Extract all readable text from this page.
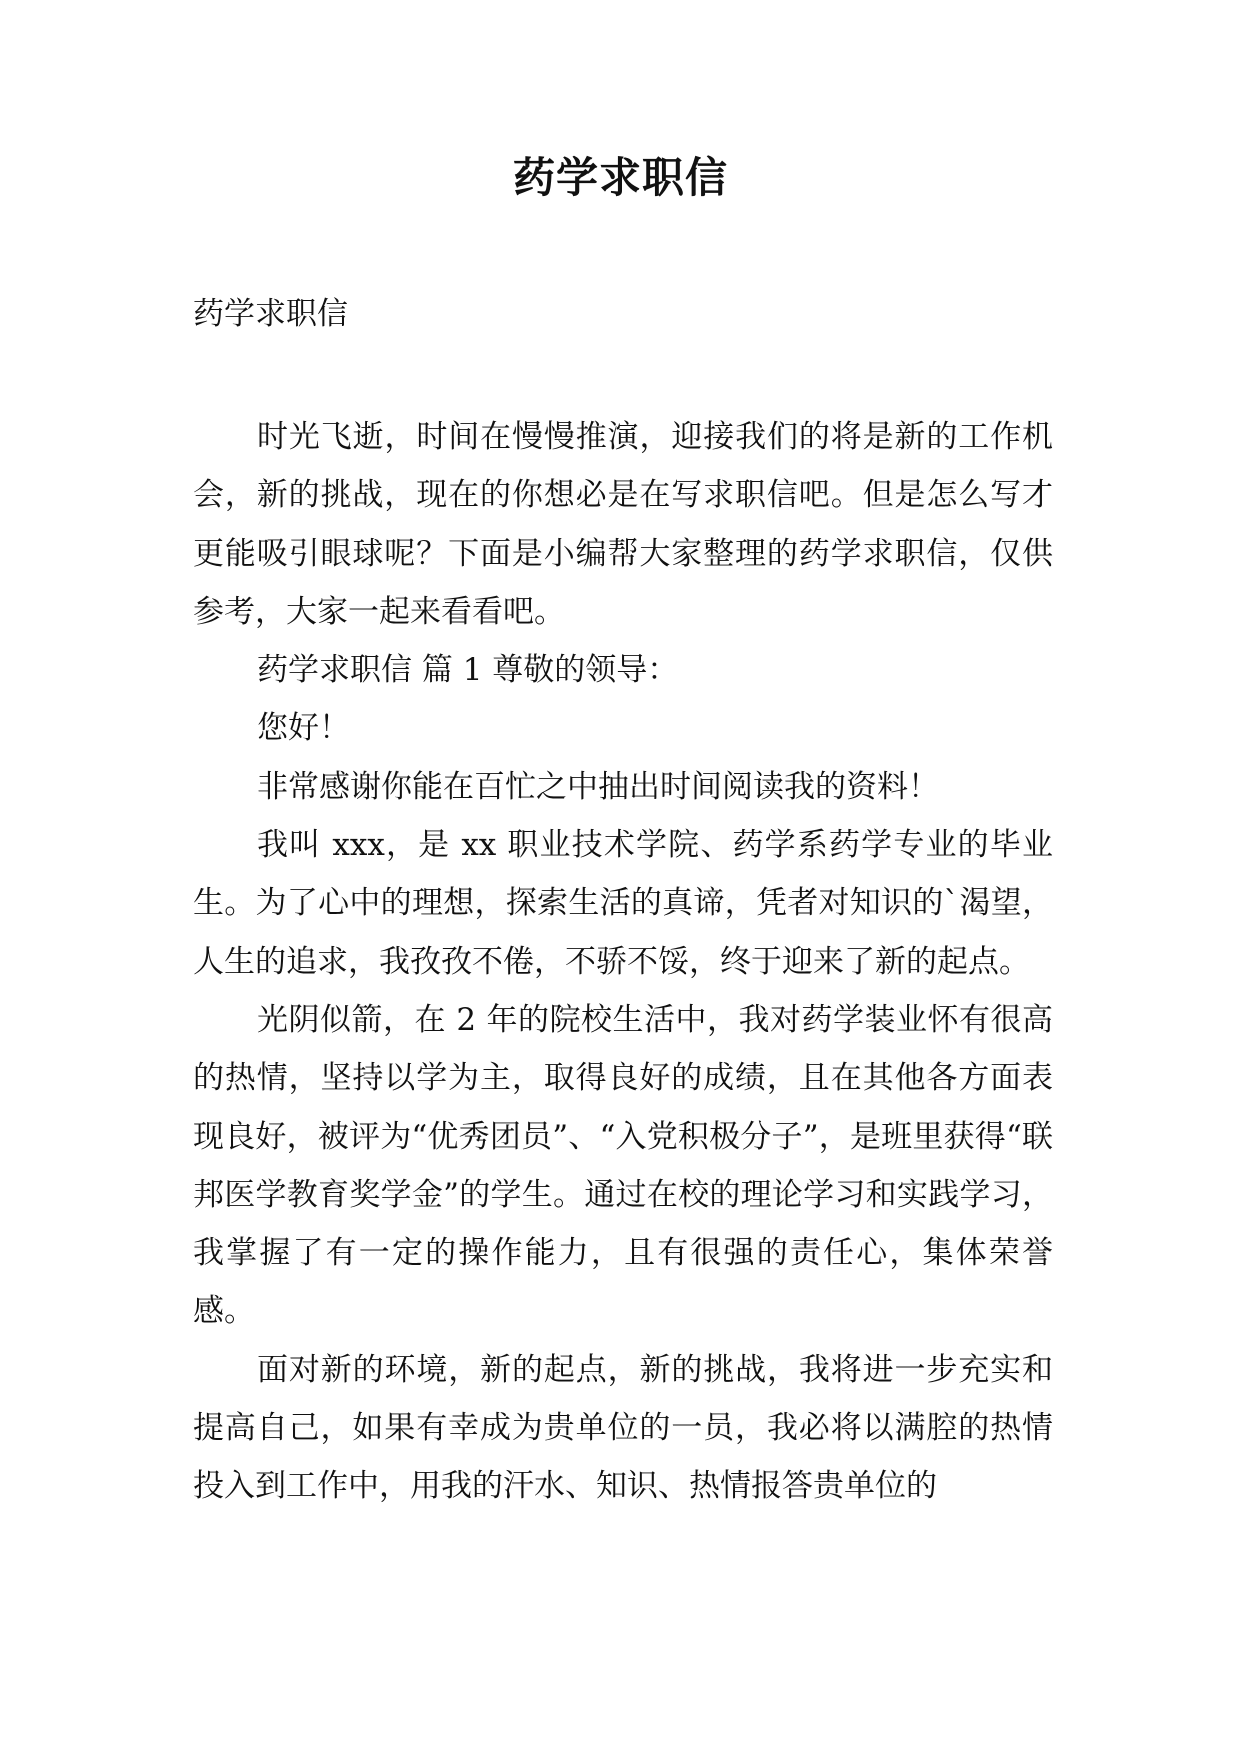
药学求职信

药学求职信

时光飞逝，时间在慢慢推演，迎接我们的将是新的工作机会，新的挑战，现在的你想必是在写求职信吧。但是怎么写才更能吸引眼球呢？下面是小编帮大家整理的药学求职信，仅供参考，大家一起来看看吧。

药学求职信 篇 1 尊敬的领导：

您好！

非常感谢你能在百忙之中抽出时间阅读我的资料！

我叫 xxx，是 xx 职业技术学院、药学系药学专业的毕业生。为了心中的理想，探索生活的真谛，凭者对知识的`渴望，人生的追求，我孜孜不倦，不骄不馁，终于迎来了新的起点。

光阴似箭，在 2 年的院校生活中，我对药学装业怀有很高的热情，坚持以学为主，取得良好的成绩，且在其他各方面表现良好，被评为“优秀团员”、“入党积极分子”，是班里获得“联邦医学教育奖学金”的学生。通过在校的理论学习和实践学习，我掌握了有一定的操作能力，且有很强的责任心，集体荣誉感。

面对新的环境，新的起点，新的挑战，我将进一步充实和提高自己，如果有幸成为贵单位的一员，我必将以满腔的热情投入到工作中，用我的汗水、知识、热情报答贵单位的
